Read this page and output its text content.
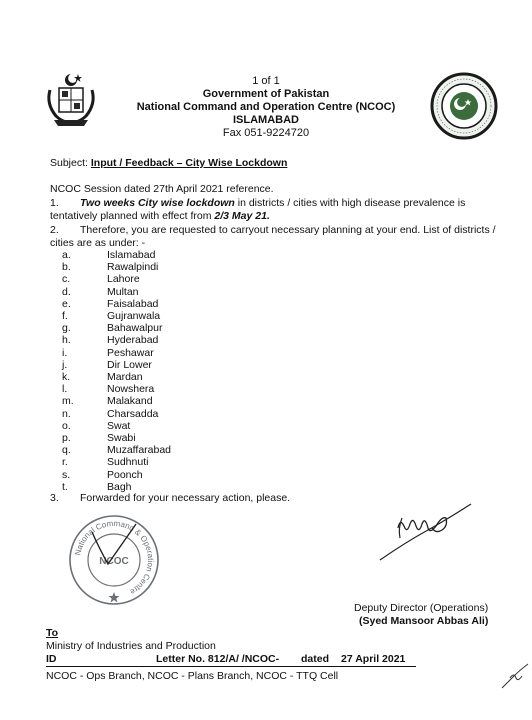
1 of 1
Government of Pakistan
National Command and Operation Centre (NCOC)
ISLAMABAD
Fax 051-9224720
Subject: Input / Feedback – City Wise Lockdown
NCOC Session dated 27th April 2021 reference.
1. Two weeks City wise lockdown in districts / cities with high disease prevalence is
tentatively planned with effect from 2/3 May 21.
2. Therefore, you are requested to carryout necessary planning at your end. List of districts /
cities are as under: -
a.	Islamabad
b.	Rawalpindi
c.	Lahore
d.	Multan
e.	Faisalabad
f.	Gujranwala
g.	Bahawalpur
h.	Hyderabad
i.	Peshawar
j.	Dir Lower
k.	Mardan
l.	Nowshera
m.	Malakand
n.	Charsadda
o.	Swat
p.	Swabi
q.	Muzaffarabad
r.	Sudhnuti
s.	Poonch
t.	Bagh
3. Forwarded for your necessary action, please.
National Command & Operation Centre
NCOC
Deputy Director (Operations)
(Syed Mansoor Abbas Ali)
To
Ministry of Industries and Production
ID	Letter No. 812/A/ /NCOC- dated 27 April 2021
NCOC - Ops Branch, NCOC - Plans Branch, NCOC - TTQ Cell
